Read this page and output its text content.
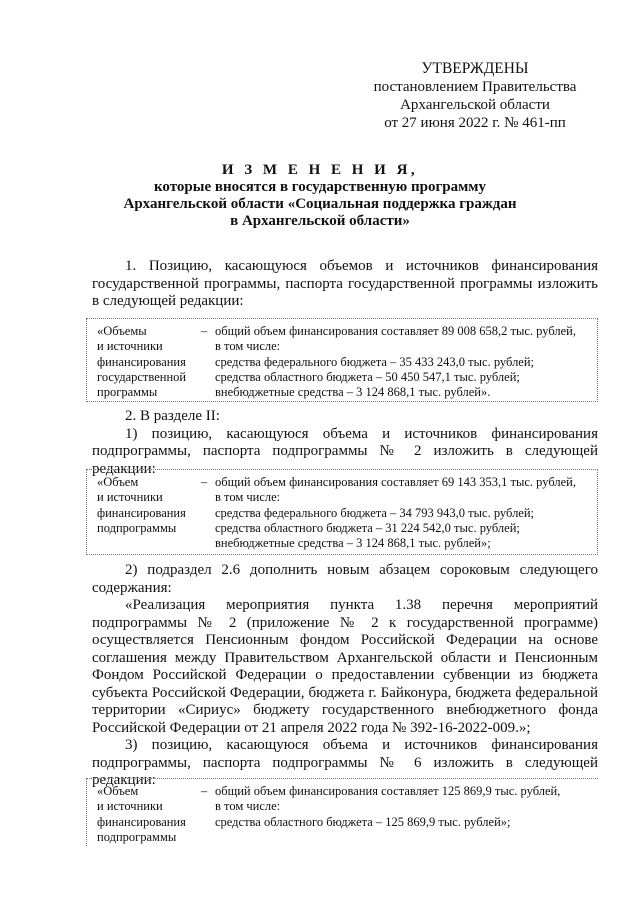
УТВЕРЖДЕНЫ
постановлением Правительства
Архангельской области
от 27 июня 2022 г. № 461-пп
И З М Е Н Е Н И Я,
которые вносятся в государственную программу
Архангельской области «Социальная поддержка граждан
в Архангельской области»
1. Позицию, касающуюся объемов и источников финансирования
государственной программы, паспорта государственной программы изложить
в следующей редакции:
«Объемы
и источники
финансирования
государственной
программы
– общий объем финансирования составляет 89 008 658,2 тыс. рублей,
в том числе:
средства федерального бюджета – 35 433 243,0 тыс. рублей;
средства областного бюджета – 50 450 547,1 тыс. рублей;
внебюджетные средства – 3 124 868,1 тыс. рублей».
2. В разделе II:
1) позицию, касающуюся объема и источников финансирования
подпрограммы, паспорта подпрограммы № 2 изложить в следующей редакции:
«Объем
и источники
финансирования
подпрограммы
– общий объем финансирования составляет 69 143 353,1 тыс. рублей,
в том числе:
средства федерального бюджета – 34 793 943,0 тыс. рублей;
средства областного бюджета – 31 224 542,0 тыс. рублей;
внебюджетные средства – 3 124 868,1 тыс. рублей»;
2) подраздел 2.6 дополнить новым абзацем сороковым следующего
содержания:
«Реализация мероприятия пункта 1.38 перечня мероприятий
подпрограммы № 2 (приложение № 2 к государственной программе)
осуществляется Пенсионным фондом Российской Федерации на основе
соглашения между Правительством Архангельской области и Пенсионным
Фондом Российской Федерации о предоставлении субвенции из бюджета
субъекта Российской Федерации, бюджета г. Байконура, бюджета федеральной
территории «Сириус» бюджету государственного внебюджетного фонда
Российской Федерации от 21 апреля 2022 года № 392-16-2022-009.»;
3) позицию, касающуюся объема и источников финансирования
подпрограммы, паспорта подпрограммы № 6 изложить в следующей редакции:
«Объем
и источники
финансирования
подпрограммы
– общий объем финансирования составляет 125 869,9 тыс. рублей,
в том числе:
средства областного бюджета – 125 869,9 тыс. рублей»;
